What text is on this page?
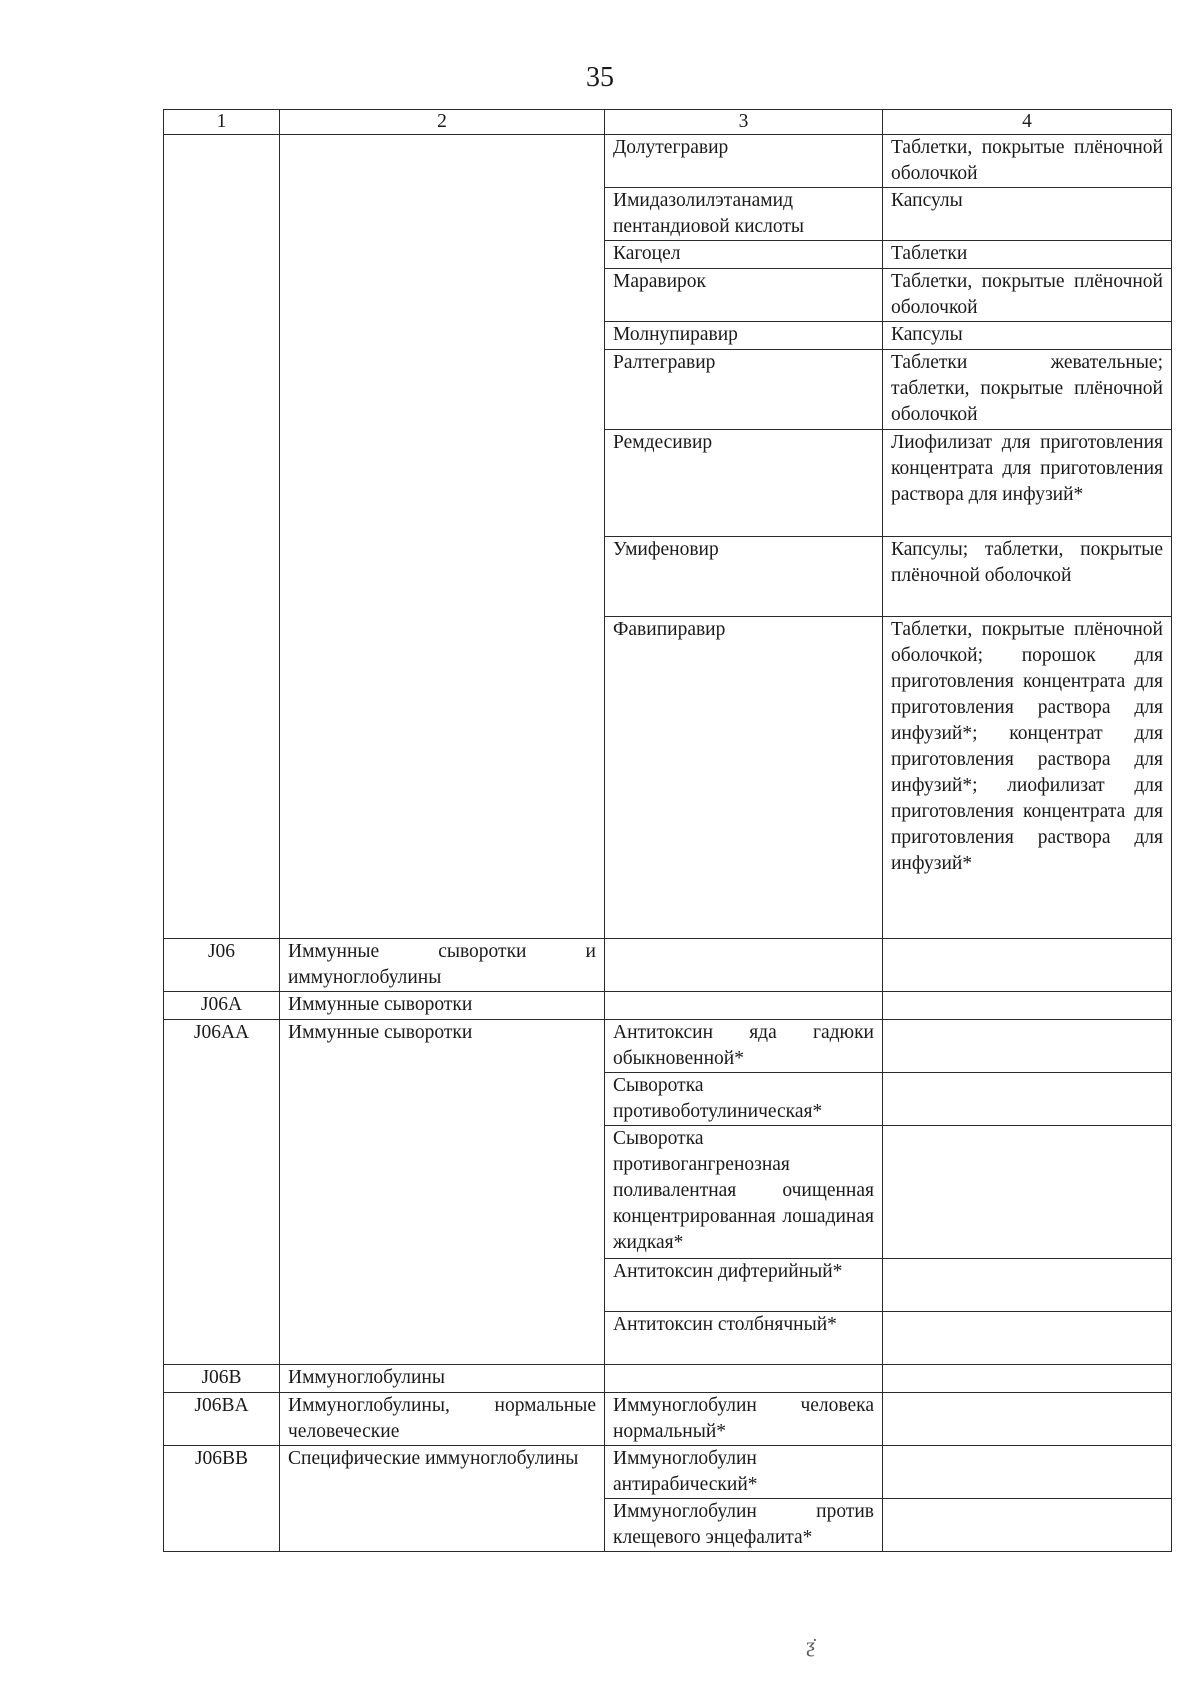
35
1	2	3	4
		Долутегравир	Таблетки, покрытые плёночной оболочкой
		Имидазолилэтанамид пентандиовой кислоты	Капсулы
		Кагоцел	Таблетки
		Маравирок	Таблетки, покрытые плёночной оболочкой
		Молнупиравир	Капсулы
		Ралтегравир	Таблетки жевательные; таблетки, покрытые плёночной оболочкой
		Ремдесивир	Лиофилизат для приготовления концентрата для приготовления раствора для инфузий*
		Умифеновир	Капсулы; таблетки, покрытые плёночной оболочкой
		Фавипиравир	Таблетки, покрытые плёночной оболочкой; порошок для приготовления концентрата для приготовления раствора для инфузий*; концентрат для приготовления раствора для инфузий*; лиофилизат для приготовления концентрата для приготовления раствора для инфузий*
J06	Иммунные сыворотки и иммуноглобулины		
J06A	Иммунные сыворотки		
J06AA	Иммунные сыворотки	Антитоксин яда гадюки обыкновенной*	
		Сыворотка противоботулиническая*	
		Сыворотка противогангренозная поливалентная очищенная концентрированная лошадиная жидкая*	
		Антитоксин дифтерийный*	
		Антитоксин столбнячный*	
J06B	Иммуноглобулины		
J06BA	Иммуноглобулины, нормальные человеческие	Иммуноглобулин человека нормальный*	
J06BB	Специфические иммуноглобулины	Иммуноглобулин антирабический*	
		Иммуноглобулин против клещевого энцефалита*	
ƺ̇
